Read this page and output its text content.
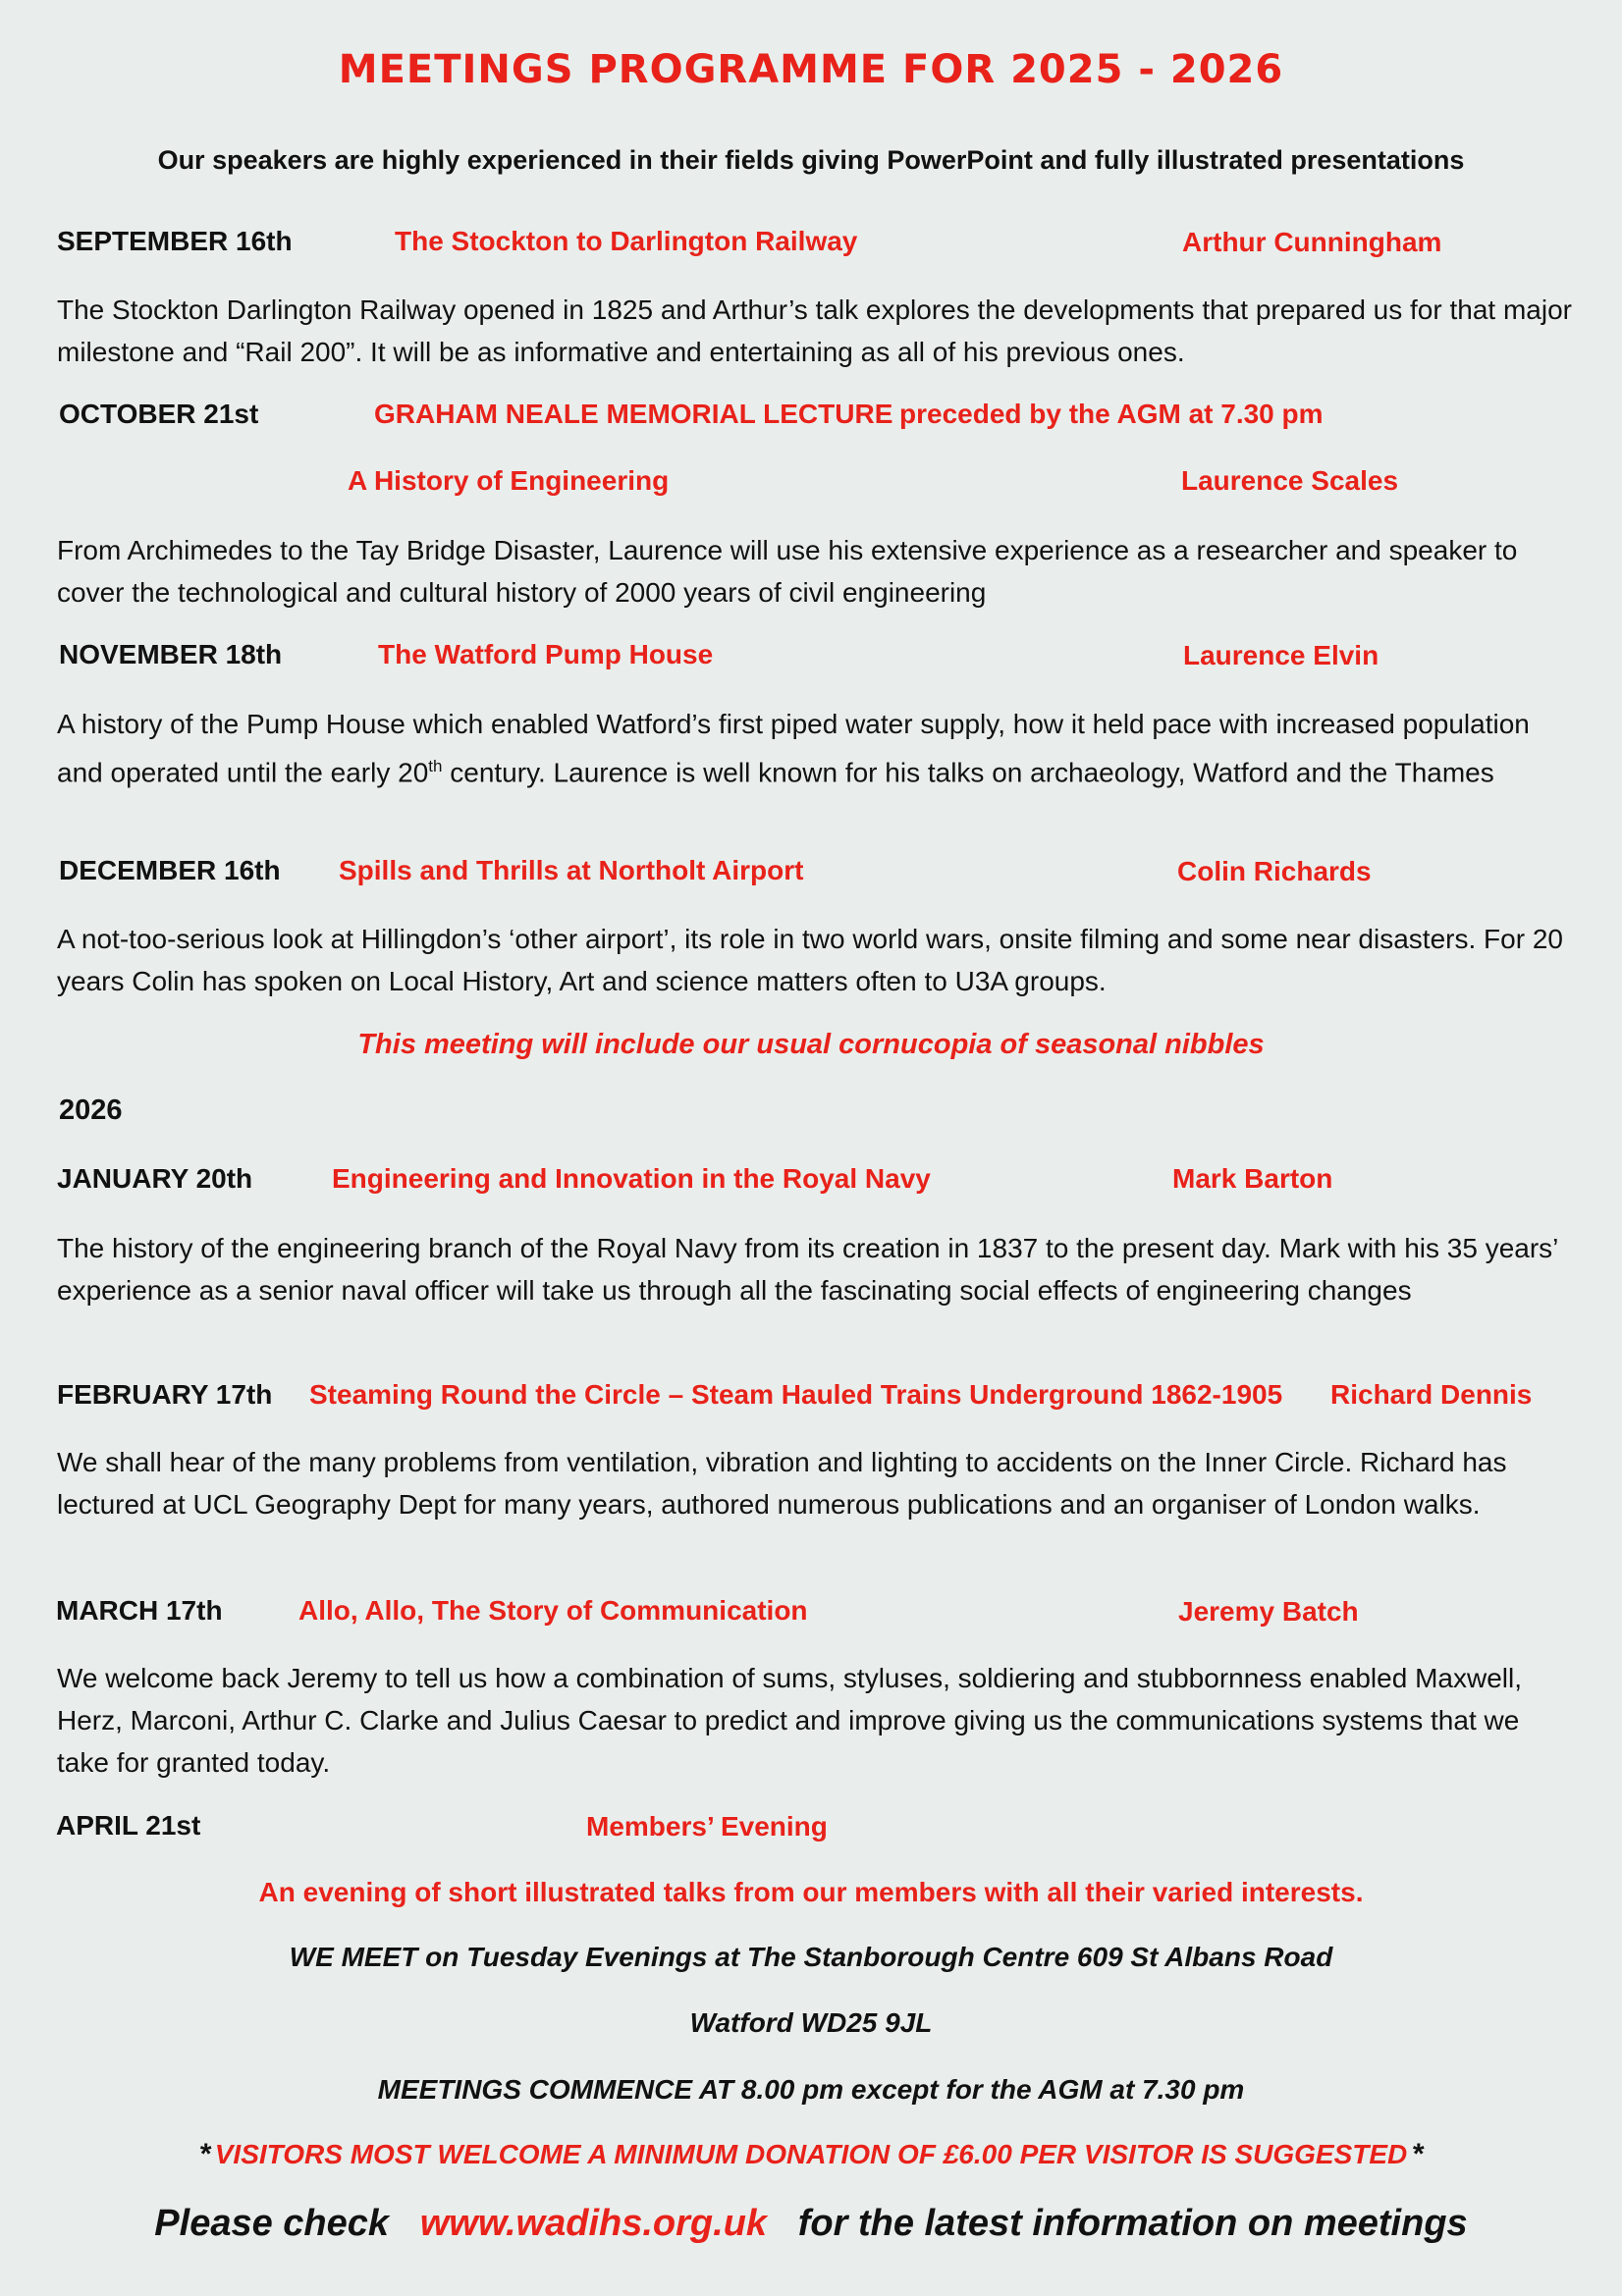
MEETINGS PROGRAMME FOR 2025 - 2026
Our speakers are highly experienced in their fields giving PowerPoint and fully illustrated presentations
SEPTEMBER 16th	The Stockton to Darlington Railway	Arthur Cunningham
The Stockton Darlington Railway opened in 1825 and Arthur’s talk explores the developments that prepared us for that major milestone and “Rail 200”. It will be as informative and entertaining as all of his previous ones.
OCTOBER 21st	GRAHAM NEALE MEMORIAL LECTURE preceded by the AGM at 7.30 pm
A History of Engineering	Laurence Scales
From Archimedes to the Tay Bridge Disaster, Laurence will use his extensive experience as a researcher and speaker to cover the technological and cultural history of 2000 years of civil engineering
NOVEMBER 18th	The Watford Pump House	Laurence Elvin
A history of the Pump House which enabled Watford’s first piped water supply, how it held pace with increased population and operated until the early 20th century. Laurence is well known for his talks on archaeology, Watford and the Thames
DECEMBER 16th Spills and Thrills at Northolt Airport	Colin Richards
A not-too-serious look at Hillingdon’s ‘other airport’, its role in two world wars, onsite filming and some near disasters. For 20 years Colin has spoken on Local History, Art and science matters often to U3A groups.
This meeting will include our usual cornucopia of seasonal nibbles
2026
JANUARY 20th	Engineering and Innovation in the Royal Navy	Mark Barton
The history of the engineering branch of the Royal Navy from its creation in 1837 to the present day. Mark with his 35 years’ experience as a senior naval officer will take us through all the fascinating social effects of engineering changes
FEBRUARY 17th Steaming Round the Circle – Steam Hauled Trains Underground 1862-1905 Richard Dennis
We shall hear of the many problems from ventilation, vibration and lighting to accidents on the Inner Circle. Richard has lectured at UCL Geography Dept for many years, authored numerous publications and an organiser of London walks.
MARCH 17th	Allo, Allo, The Story of Communication	Jeremy Batch
We welcome back Jeremy to tell us how a combination of sums, styluses, soldiering and stubbornness enabled Maxwell, Herz, Marconi, Arthur C. Clarke and Julius Caesar to predict and improve giving us the communications systems that we take for granted today.
APRIL 21st	Members’ Evening
An evening of short illustrated talks from our members with all their varied interests.
WE MEET on Tuesday Evenings at The Stanborough Centre 609 St Albans Road
Watford WD25 9JL
MEETINGS COMMENCE AT 8.00 pm except for the AGM at 7.30 pm
* VISITORS MOST WELCOME A MINIMUM DONATION OF £6.00 PER VISITOR IS SUGGESTED *
Please check www.wadihs.org.uk for the latest information on meetings
